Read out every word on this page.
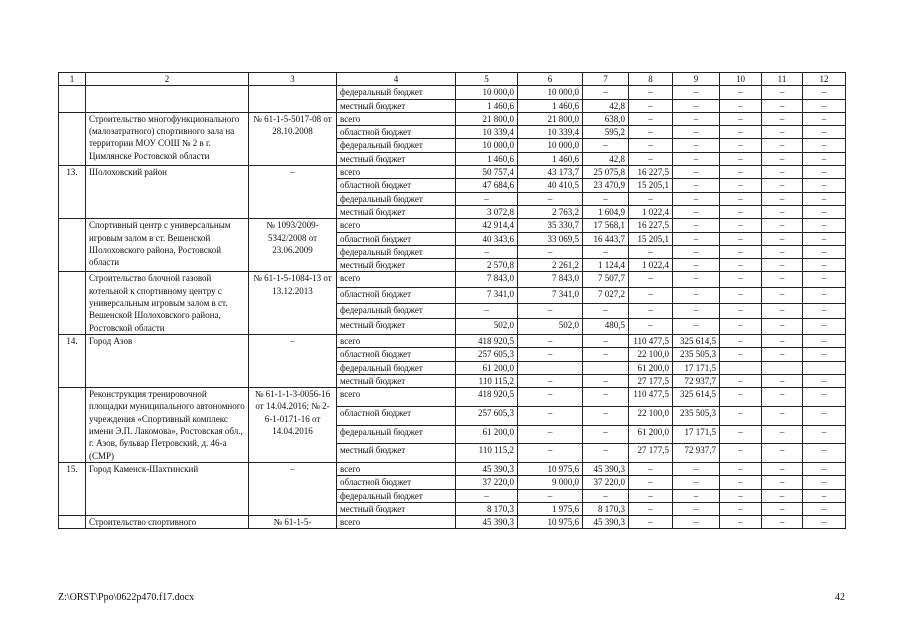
1	2	3	4	5	6	7	8	9	10	11	12
			федеральный бюджет	10 000,0	10 000,0	–	–	–	–	–	–
			местный бюджет	1 460,6	1 460,6	42,8	–	–	–	–	–
	Строительство многофункционального (малозатратного) спортивного зала на территории МОУ СОШ № 2 в г. Цимлянске Ростовской области	№ 61-1-5-5017-08 от 28.10.2008	всего	21 800,0	21 800,0	638,0	–	–	–	–	–
			областной бюджет	10 339,4	10 339,4	595,2	–	–	–	–	–
			федеральный бюджет	10 000,0	10 000,0	–	–	–	–	–	–
			местный бюджет	1 460,6	1 460,6	42,8	–	–	–	–	–
13.	Шолоховский район	–	всего	50 757,4	43 173,7	25 075,8	16 227,5	–	–	–	–
			областной бюджет	47 684,6	40 410,5	23 470,9	15 205,1	–	–	–	–
			федеральный бюджет	–	–	–	–	–	–	–	–
			местный бюджет	3 072,8	2 763,2	1 604,9	1 022,4	–	–	–	–
	Спортивный центр с универсальным игровым залом в ст. Вешенской Шолоховского района, Ростовской области	№ 1093/2009-5342/2008 от 23.06.2009	всего	42 914,4	35 330,7	17 568,1	16 227,5	–	–	–	–
			областной бюджет	40 343,6	33 069,5	16 443,7	15 205,1	–	–	–	–
			федеральный бюджет	–	–	–	–	–	–	–	–
			местный бюджет	2 570,8	2 261,2	1 124,4	1 022,4	–	–	–	–
	Строительство блочной газовой котельной к спортивному центру с универсальным игровым залом в ст. Вешенской Шолоховского района, Ростовской области	№ 61-1-5-1084-13 от 13.12.2013	всего	7 843,0	7 843,0	7 507,7	–	–	–	–	–
			областной бюджет	7 341,0	7 341,0	7 027,2	–	–	–	–	–
			федеральный бюджет	–	–	–	–	–	–	–	–
			местный бюджет	502,0	502,0	480,5	–	–	–	–	–
14.	Город Азов	–	всего	418 920,5	–	–	110 477,5	325 614,5	–	–	–
			областной бюджет	257 605,3	–	–	22 100,0	235 505,3	–	–	–
			федеральный бюджет	61 200,0			61 200,0	17 171,5			
			местный бюджет	110 115,2	–	–	27 177,5	72 937,7	–	–	–
	Реконструкция тренировочной площадки муниципального автономного учреждения «Спортивный комплекс имени Э.П. Лакомова», Ростовская обл., г. Азов, бульвар Петровский, д. 46-а (СМР)	№ 61-1-1-3-0056-16 от 14.04.2016; № 2-6-1-0171-16 от 14.04.2016	всего	418 920,5	–	–	110 477,5	325 614,5	–	–	–
			областной бюджет	257 605,3	–	–	22 100,0	235 505,3	–	–	–
			федеральный бюджет	61 200,0	–	–	61 200,0	17 171,5	–	–	–
			местный бюджет	110 115,2	–	–	27 177,5	72 937,7	–	–	–
15.	Город Каменск-Шахтинский	–	всего	45 390,3	10 975,6	45 390,3	–	–	–	–	–
			областной бюджет	37 220,0	9 000,0	37 220,0	–	–	–	–	–
			федеральный бюджет	–	–	–	–	–	–	–	–
			местный бюджет	8 170,3	1 975,6	8 170,3	–	–	–	–	–
	Строительство спортивного	№ 61-1-5-	всего	45 390,3	10 975,6	45 390,3	–	–	–	–	–
Z:\ORST\Ppo\0622p470.f17.docx	42
